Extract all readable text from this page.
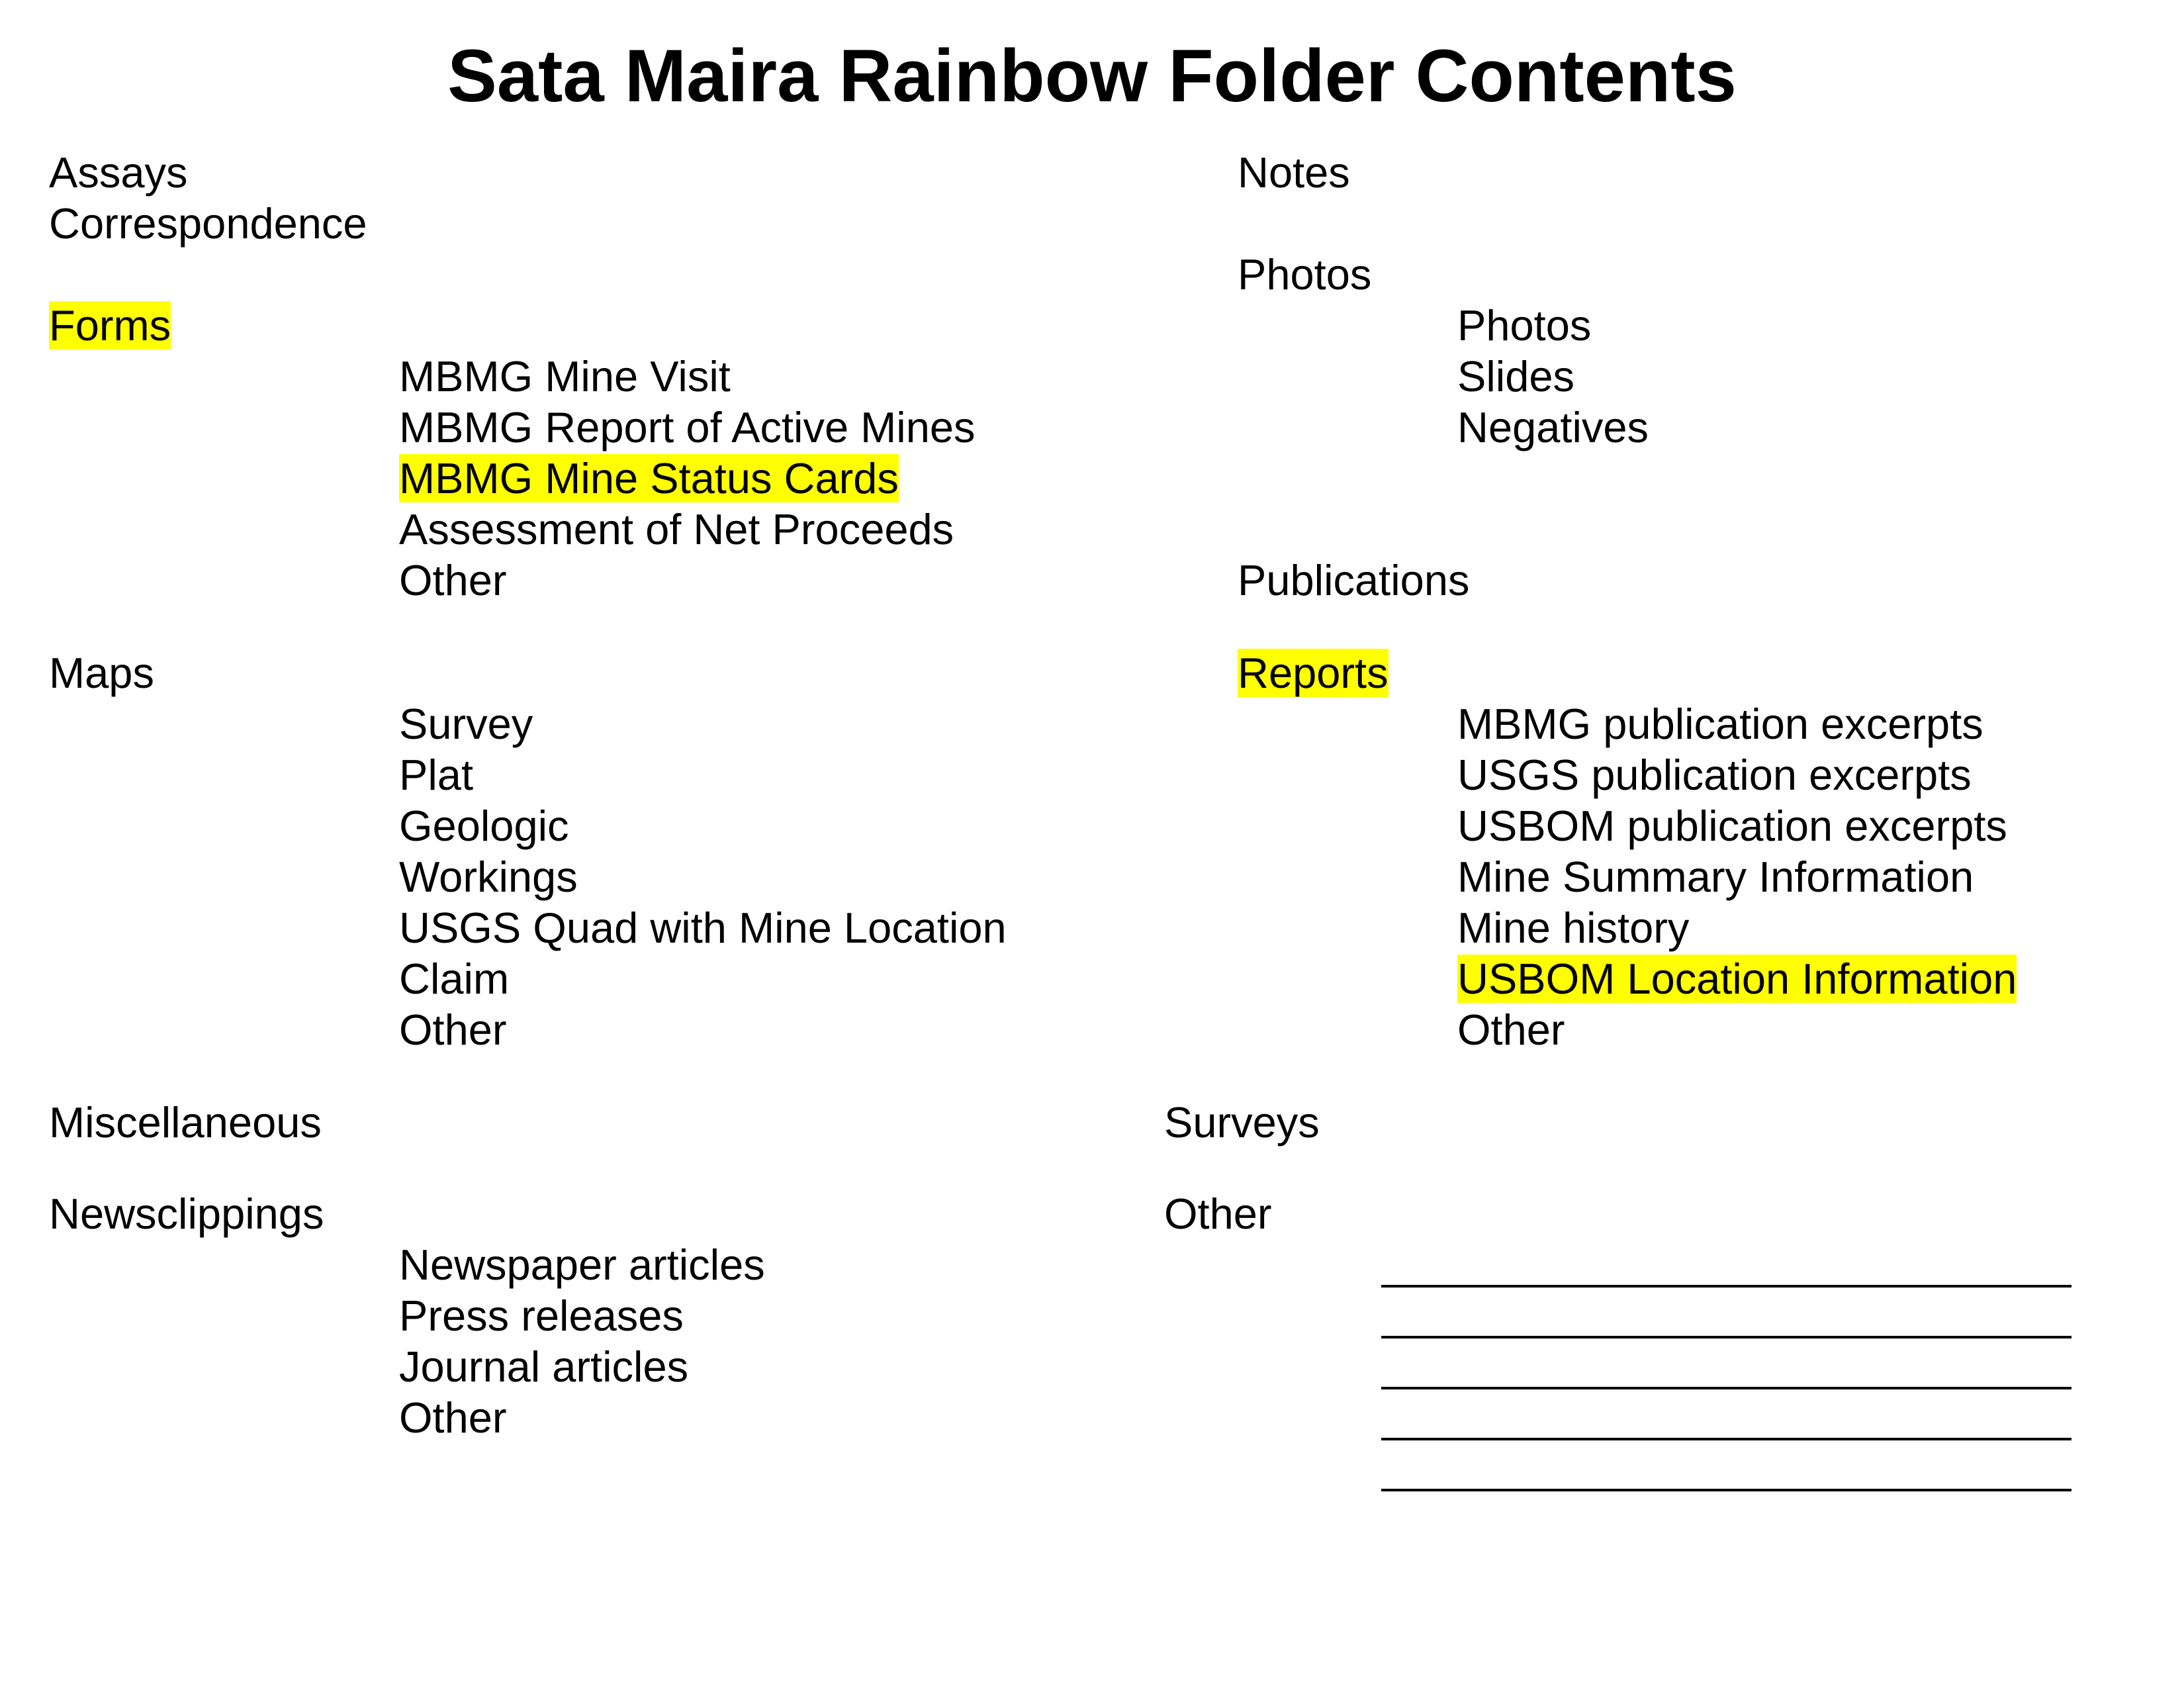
Sata Maira Rainbow Folder Contents
Assays
Correspondence
Forms
MBMG Mine Visit
MBMG Report of Active Mines
MBMG Mine Status Cards
Assessment of Net Proceeds
Other
Maps
Survey
Plat
Geologic
Workings
USGS Quad with Mine Location
Claim
Other
Miscellaneous
Newsclippings
Newspaper articles
Press releases
Journal articles
Other
Notes
Photos
Photos
Slides
Negatives
Publications
Reports
MBMG publication excerpts
USGS publication excerpts
USBOM publication excerpts
Mine Summary Information
Mine history
USBOM Location Information
Other
Surveys
Other
